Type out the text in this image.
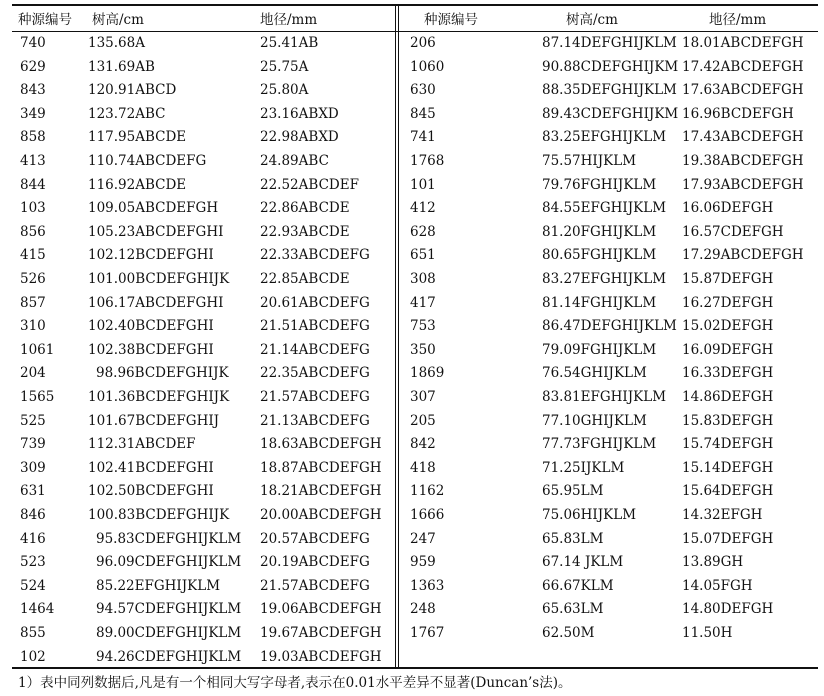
种源编号 树高/cm	地径/mm	种源编号	树高/cm	地径/mm
740	135.68A	25.41AB
629	131.69AB	25.75A
843	120.91ABCD	25.80A
349	123.72ABC	23.16ABXD
858	117.95ABCDE	22.98ABXD
413	110.74ABCDEFG	24.89ABC
844	116.92ABCDE	22.52ABCDEF
103	109.05ABCDEFGH	22.86ABCDE
856	105.23ABCDEFGHI	22.93ABCDE
415	102.12BCDEFGHI	22.33ABCDEFG
526	101.00BCDEFGHIJK	22.85ABCDE
857	106.17ABCDEFGHI	20.61ABCDEFG
310	102.40BCDEFGHI	21.51ABCDEFG
1061 102.38BCDEFGHI	21.14ABCDEFG
204	98.96BCDEFGHIJK	22.35ABCDEFG
1565 101.36BCDEFGHIJK	21.57ABCDEFG
525	101.67BCDEFGHIJ	21.13ABCDEFG
739	112.31ABCDEF	18.63ABCDEFGH
309	102.41BCDEFGHI	18.87ABCDEFGH
631	102.50BCDEFGHI	18.21ABCDEFGH
846	100.83BCDEFGHIJK	20.00ABCDEFGH
416	95.83CDEFGHIJKLM	20.57ABCDEFG
523	96.09CDEFGHIJKLM	20.19ABCDEFG
524	85.22EFGHIJKLM	21.57ABCDEFG
1464	94.57CDEFGHIJKLM	19.06ABCDEFGH
855	89.00CDEFGHIJKLM	19.67ABCDEFGH
102	94.26CDEFGHIJKLM	19.03ABCDEFGH
206	87.14DEFGHIJKLM 18.01ABCDEFGH
1060	90.88CDEFGHIJKM 17.42ABCDEFGH
630	88.35DEFGHIJKLM 17.63ABCDEFGH
845	89.43CDEFGHIJKM 16.96BCDEFGH
741	83.25EFGHIJKLM	17.43ABCDEFGH
1768	75.57HIJKLM	19.38ABCDEFGH
101	79.76FGHIJKLM	17.93ABCDEFGH
412	84.55EFGHIJKLM	16.06DEFGH
628	81.20FGHIJKLM	16.57CDEFGH
651	80.65FGHIJKLM	17.29ABCDEFGH
308	83.27EFGHIJKLM	15.87DEFGH
417	81.14FGHIJKLM	16.27DEFGH
753	86.47DEFGHIJKLM 15.02DEFGH
350	79.09FGHIJKLM	16.09DEFGH
1869	76.54GHIJKLM	16.33DEFGH
307	83.81EFGHIJKLM	14.86DEFGH
205	77.10GHIJKLM	15.83DEFGH
842	77.73FGHIJKLM	15.74DEFGH
418	71.25IJKLM	15.14DEFGH
1162	65.95LM	15.64DEFGH
1666	75.06HIJKLM	14.32EFGH
247	65.83LM	15.07DEFGH
959	67.14 JKLM	13.89GH
1363	66.67KLM	14.05FGH
248	65.63LM	14.80DEFGH
1767	62.50M	11.50H
1）表中同列数据后,凡是有一个相同大写字母者,表示在0.01水平差异不显著(Duncan’s法)。
